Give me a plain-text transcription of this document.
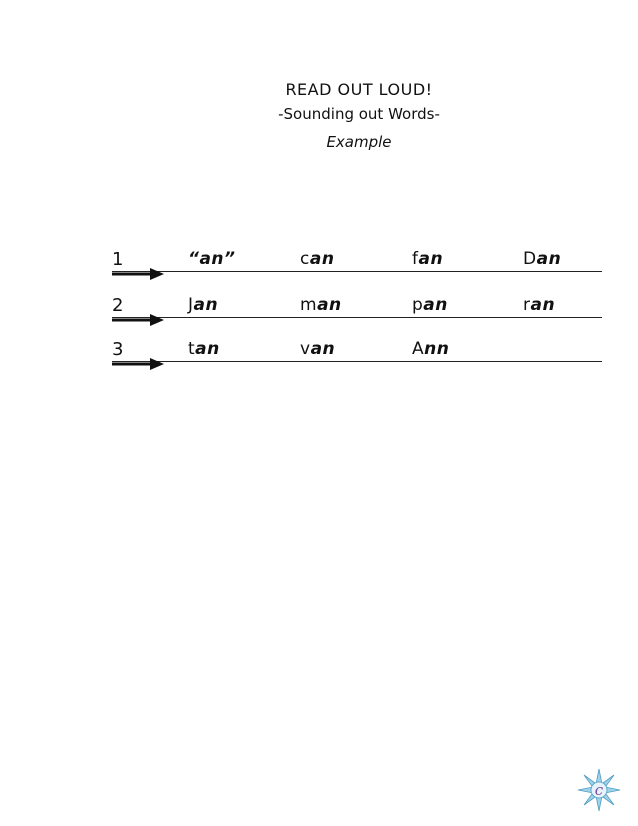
READ OUT LOUD!
-Sounding out Words-
Example
1	“an”	can	fan	Dan
2	Jan	man	pan	ran
3	tan	van	Ann
c
